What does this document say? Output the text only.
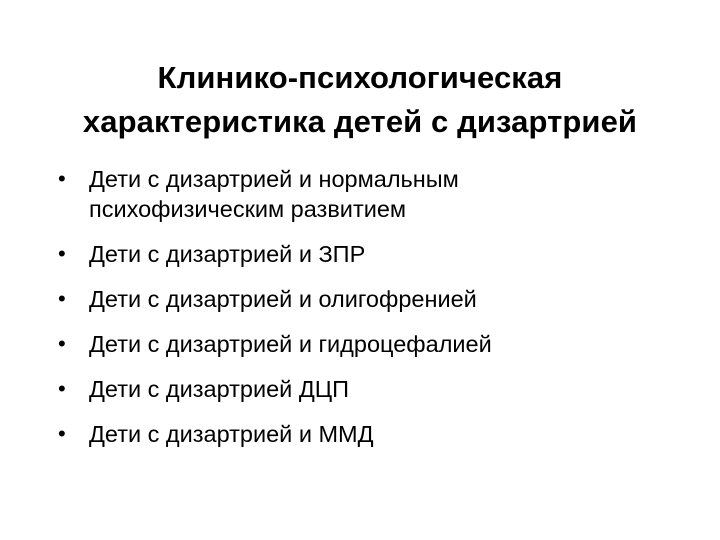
Клинико-психологическая
характеристика детей с дизартрией
• Дети с дизартрией и нормальным
психофизическим развитием
• Дети с дизартрией и ЗПР
• Дети с дизартрией и олигофренией
• Дети с дизартрией и гидроцефалией
• Дети с дизартрией ДЦП
• Дети с дизартрией и ММД
